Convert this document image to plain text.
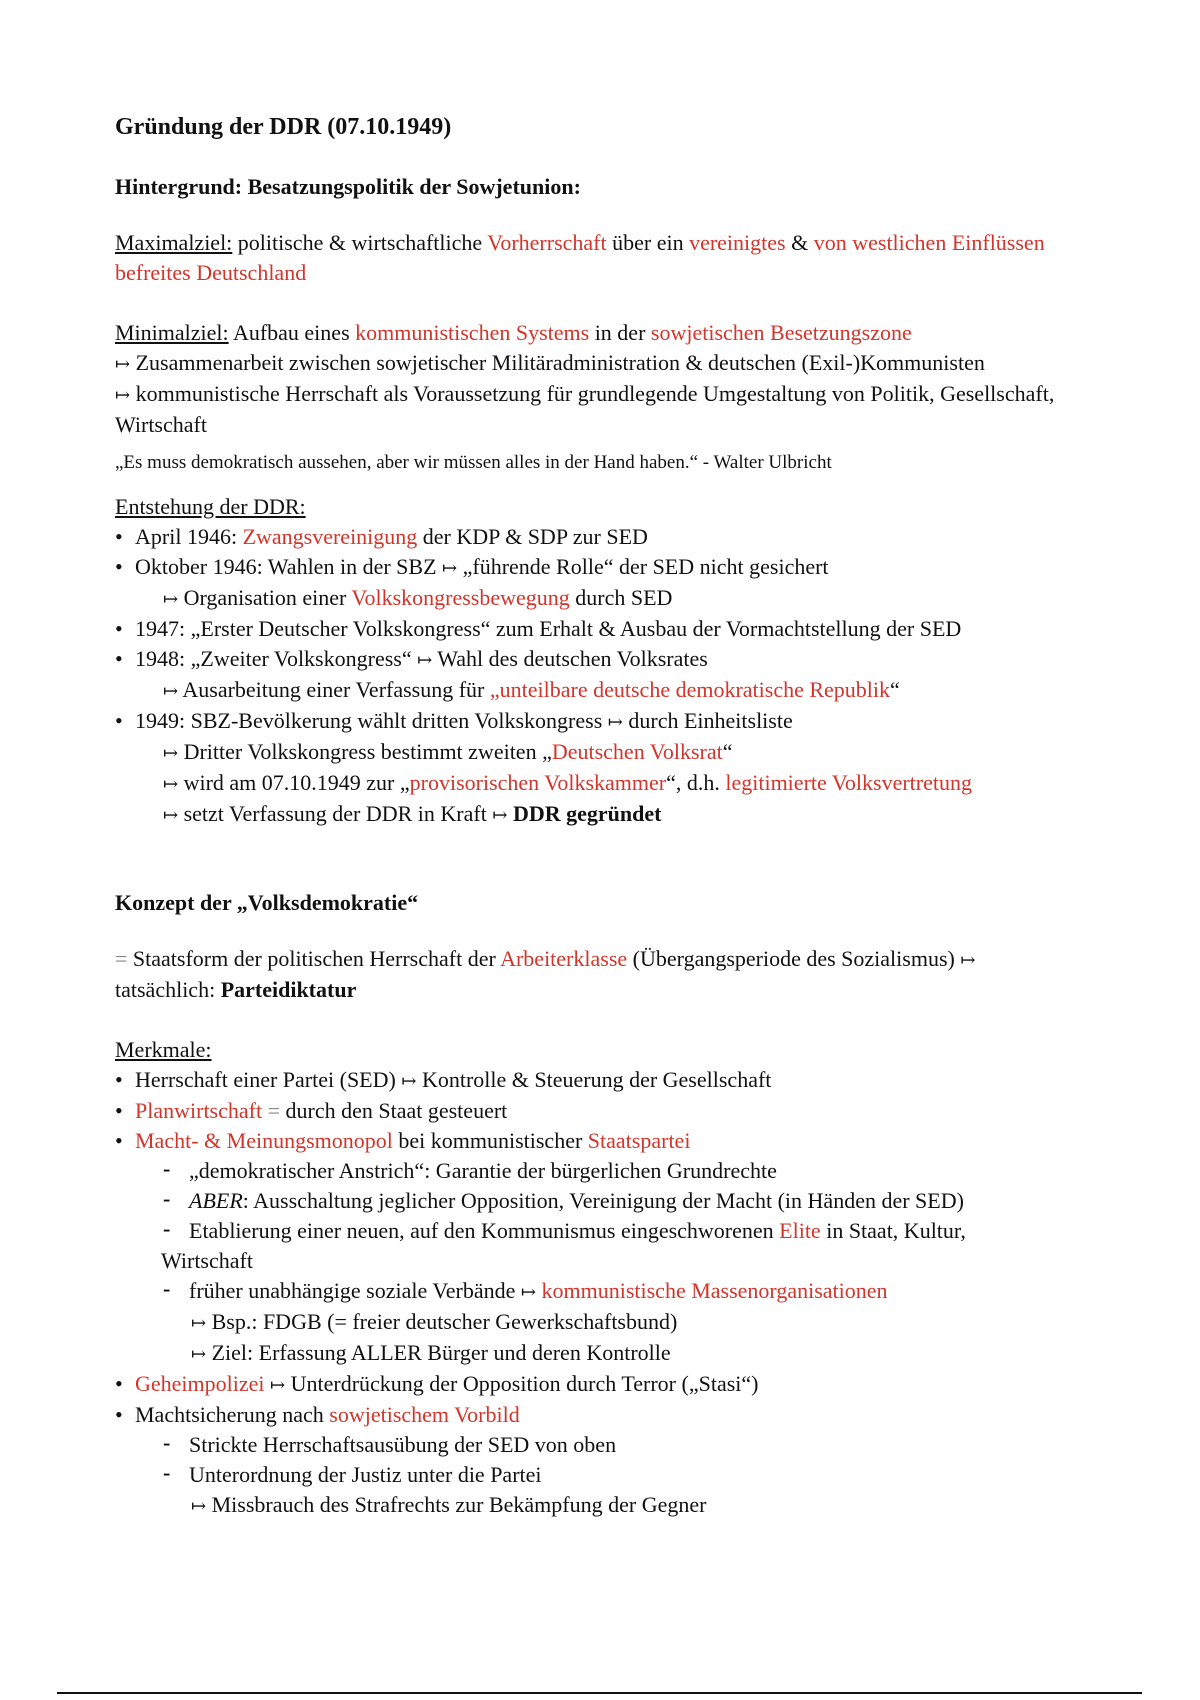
Gründung der DDR (07.10.1949)
Hintergrund: Besatzungspolitik der Sowjetunion:

Maximalziel: politische & wirtschaftliche Vorherrschaft über ein vereinigtes & von westlichen Einflüssen befreites Deutschland

Minimalziel: Aufbau eines kommunistischen Systems in der sowjetischen Besetzungszone

↦ Zusammenarbeit zwischen sowjetischer Militäradministration & deutschen (Exil-)Kommunisten

↦ kommunistische Herrschaft als Voraussetzung für grundlegende Umgestaltung von Politik, Gesellschaft, Wirtschaft

„Es muss demokratisch aussehen, aber wir müssen alles in der Hand haben.“ - Walter Ulbricht

Entstehung der DDR:
• April 1946: Zwangsvereinigung der KDP & SDP zur SED
• Oktober 1946: Wahlen in der SBZ ↦ „führende Rolle“ der SED nicht gesichert
↦ Organisation einer Volkskongressbewegung durch SED
• 1947: „Erster Deutscher Volkskongress“ zum Erhalt & Ausbau der Vormachtstellung der SED
• 1948: „Zweiter Volkskongress“ ↦ Wahl des deutschen Volksrates
↦ Ausarbeitung einer Verfassung für „unteilbare deutsche demokratische Republik“
• 1949: SBZ-Bevölkerung wählt dritten Volkskongress ↦ durch Einheitsliste
↦ Dritter Volkskongress bestimmt zweiten „Deutschen Volksrat“
↦ wird am 07.10.1949 zur „provisorischen Volkskammer“, d.h. legitimierte Volksvertretung
↦ setzt Verfassung der DDR in Kraft ↦ DDR gegründet
Konzept der „Volksdemokratie“

= Staatsform der politischen Herrschaft der Arbeiterklasse (Übergangsperiode des Sozialismus) ↦
tatsächlich: Parteidiktatur

Merkmale:
• Herrschaft einer Partei (SED) ↦ Kontrolle & Steuerung der Gesellschaft
• Planwirtschaft = durch den Staat gesteuert
• Macht- & Meinungsmonopol bei kommunistischer Staatspartei
- „demokratischer Anstrich“: Garantie der bürgerlichen Grundrechte
- ABER: Ausschaltung jeglicher Opposition, Vereinigung der Macht (in Händen der SED)
- Etablierung einer neuen, auf den Kommunismus eingeschworenen Elite in Staat, Kultur,
Wirtschaft
- früher unabhängige soziale Verbände ↦ kommunistische Massenorganisationen
↦ Bsp.: FDGB (= freier deutscher Gewerkschaftsbund)
↦ Ziel: Erfassung ALLER Bürger und deren Kontrolle
• Geheimpolizei ↦ Unterdrückung der Opposition durch Terror („Stasi“)
• Machtsicherung nach sowjetischem Vorbild
- Strickte Herrschaftsausübung der SED von oben
- Unterordnung der Justiz unter die Partei
↦ Missbrauch des Strafrechts zur Bekämpfung der Gegner
